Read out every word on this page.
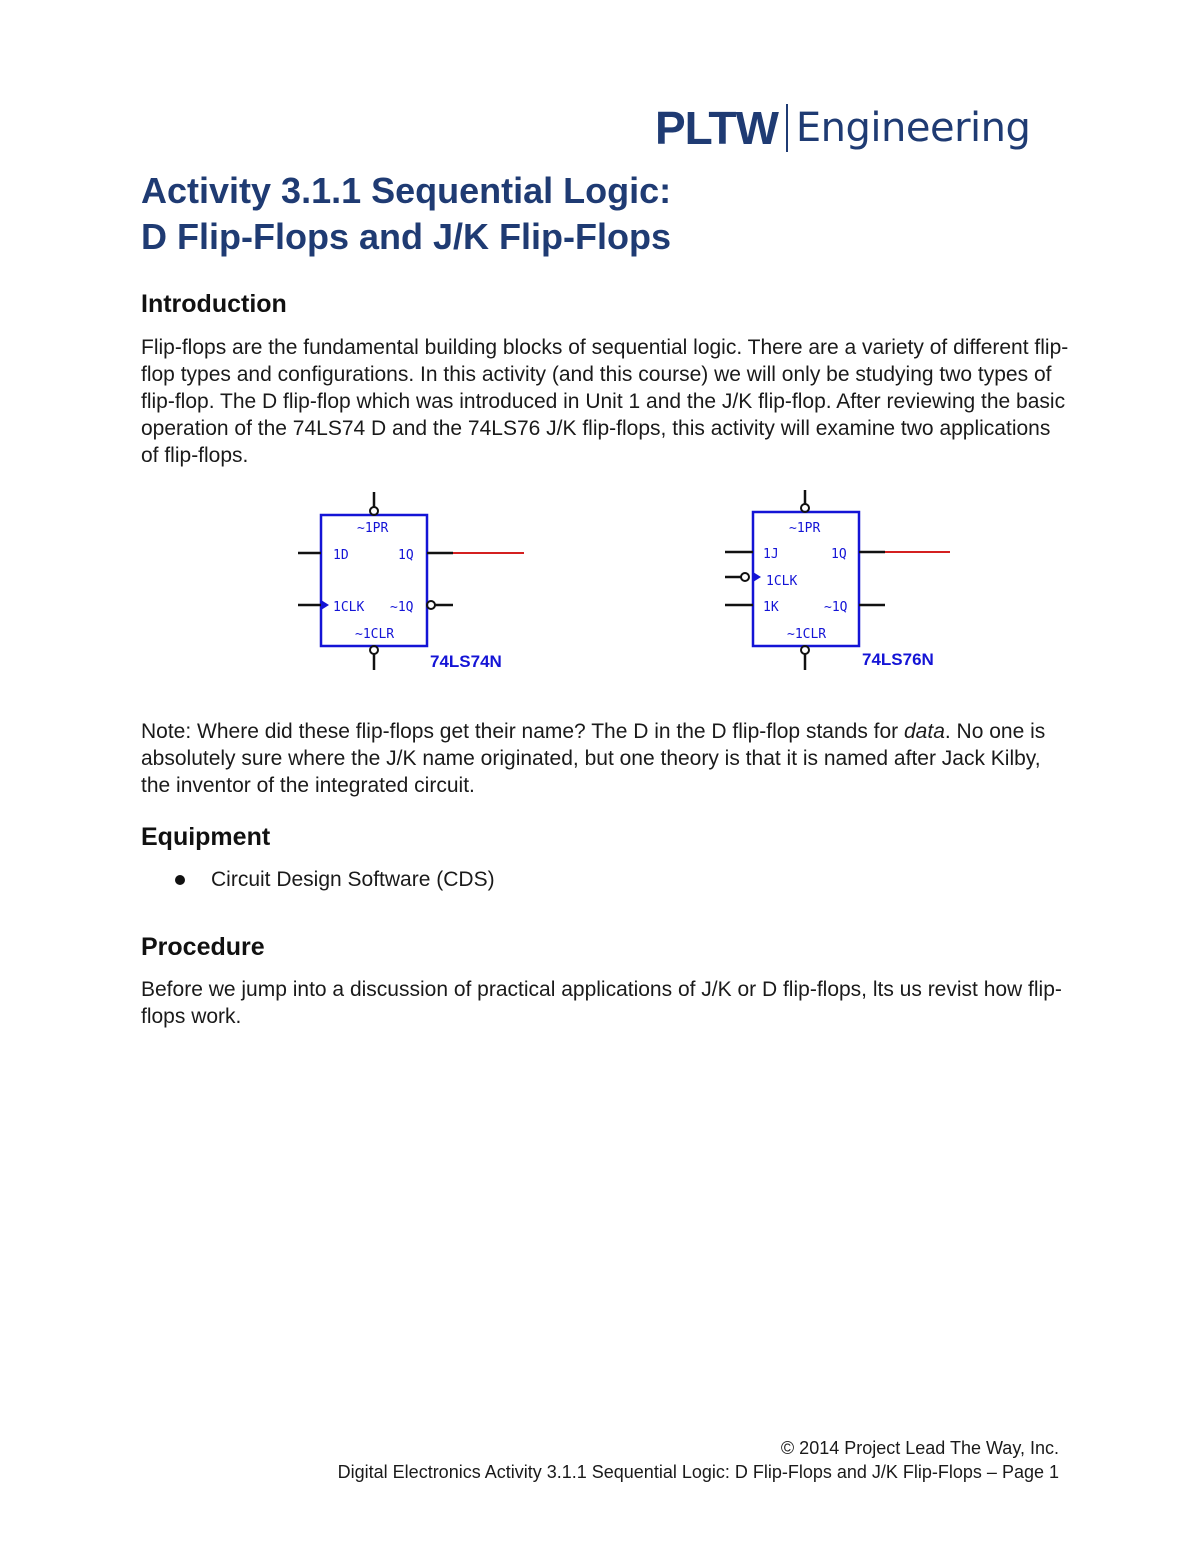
PLTW Engineering
Activity 3.1.1 Sequential Logic:
D Flip-Flops and J/K Flip-Flops
Introduction

Flip-flops are the fundamental building blocks of sequential logic. There are a variety of different flip-flop types and configurations. In this activity (and this course) we will only be studying two types of flip-flop. The D flip-flop which was introduced in Unit 1 and the J/K flip-flop. After reviewing the basic operation of the 74LS74 D and the 74LS76 J/K flip-flops, this activity will examine two applications of flip-flops.

~1PR
1D	1Q
1CLK ~1Q
~1CLR
74LS74N
~1PR
1J	1Q
1CLK
1K	~1Q
~1CLR
74LS76N

Note: Where did these flip-flops get their name? The D in the D flip-flop stands for data. No one is absolutely sure where the J/K name originated, but one theory is that it is named after Jack Kilby, the inventor of the integrated circuit.

Equipment
Circuit Design Software (CDS)
Procedure

Before we jump into a discussion of practical applications of J/K or D flip-flops, lts us revist how flip-flops work.

© 2014 Project Lead The Way, Inc.
Digital Electronics Activity 3.1.1 Sequential Logic: D Flip-Flops and J/K Flip-Flops – Page 1
